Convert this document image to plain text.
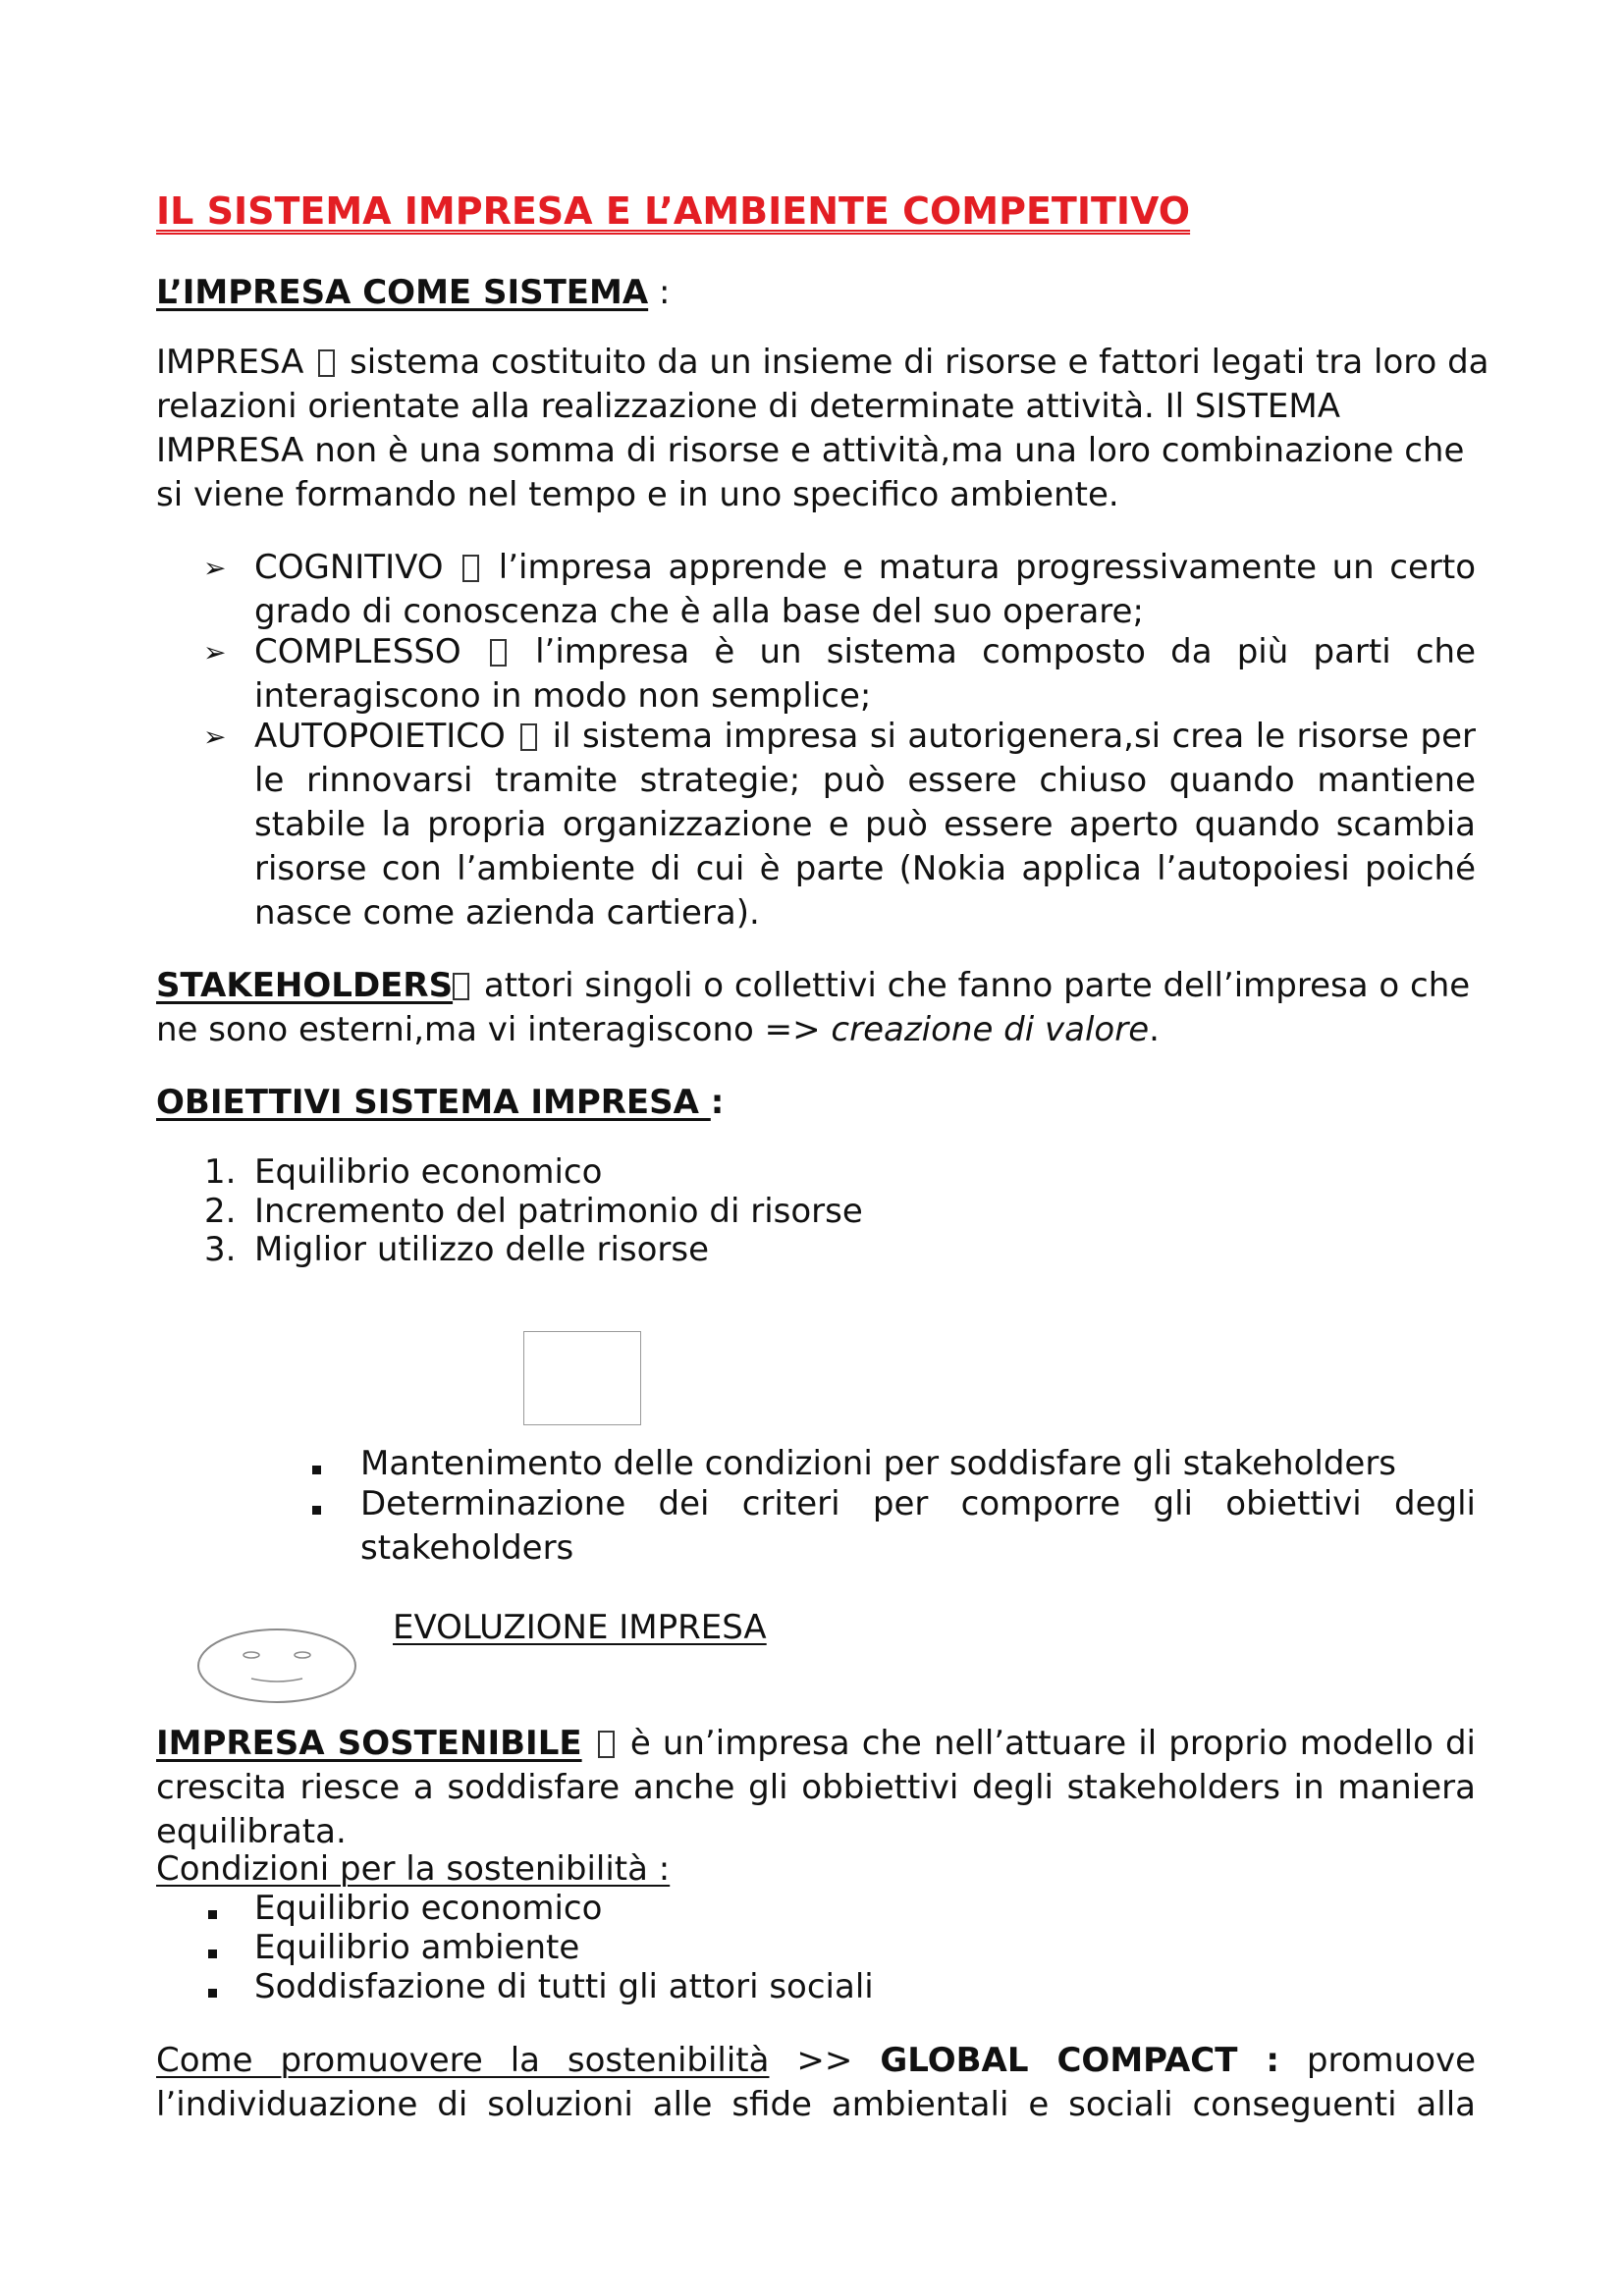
IL SISTEMA IMPRESA E L’AMBIENTE COMPETITIVO
L’IMPRESA COME SISTEMA :
IMPRESA  sistema costituito da un insieme di risorse e fattori legati tra loro da
relazioni orientate alla realizzazione di determinate attività. Il SISTEMA
IMPRESA non è una somma di risorse e attività,ma una loro combinazione che
si viene formando nel tempo e in uno specifico ambiente.
➢ COGNITIVO l’impresa apprende e matura progressivamente un certo
grado di conoscenza che è alla base del suo operare;
➢ COMPLESSO l’impresa è un sistema composto da più parti che
interagiscono in modo non semplice;
➢ AUTOPOIETICO il sistema impresa si autorigenera,si crea le risorse per
le rinnovarsi tramite strategie; può essere chiuso quando mantiene
stabile la propria organizzazione e può essere aperto quando scambia
risorse con l’ambiente di cui è parte (Nokia applica l’autopoiesi poiché
nasce come azienda cartiera).
STAKEHOLDERS attori singoli o collettivi che fanno parte dell’impresa o che
ne sono esterni,ma vi interagiscono => creazione di valore.
OBIETTIVI SISTEMA IMPRESA :
1. Equilibrio economico
2. Incremento del patrimonio di risorse
3. Miglior utilizzo delle risorse
Mantenimento delle condizioni per soddisfare gli stakeholders
Determinazione dei criteri per comporre gli obiettivi degli
stakeholders
EVOLUZIONE IMPRESA
IMPRESA SOSTENIBILE  è un’impresa che nell’attuare il proprio modello di
crescita riesce a soddisfare anche gli obbiettivi degli stakeholders in maniera
equilibrata.
Condizioni per la sostenibilità :
Equilibrio economico
Equilibrio ambiente
Soddisfazione di tutti gli attori sociali
Come promuovere la sostenibilità >> GLOBAL COMPACT : promuove
l’individuazione di soluzioni alle sfide ambientali e sociali conseguenti alla
